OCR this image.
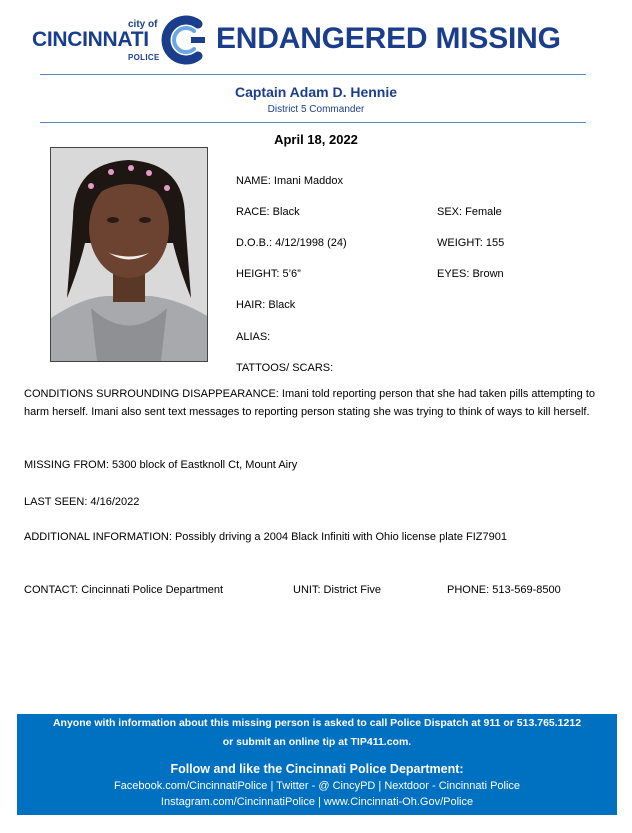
city of
CINCINNATI
POLICE
ENDANGERED MISSING
Captain Adam D. Hennie
District 5 Commander
April 18, 2022
NAME: Imani Maddox
RACE: Black	SEX: Female
D.O.B.: 4/12/1998 (24)	WEIGHT: 155
HEIGHT: 5’6”	EYES: Brown
HAIR: Black
ALIAS:
TATTOOS/ SCARS:
CONDITIONS SURROUNDING DISAPPEARANCE: Imani told reporting person that she had taken pills attempting to harm herself. Imani also sent text messages to reporting person stating she was trying to think of ways to kill herself.
MISSING FROM: 5300 block of Eastknoll Ct, Mount Airy
LAST SEEN: 4/16/2022
ADDITIONAL INFORMATION: Possibly driving a 2004 Black Infiniti with Ohio license plate FIZ7901
CONTACT: Cincinnati Police Department	UNIT: District Five	PHONE: 513-569-8500
Anyone with information about this missing person is asked to call Police Dispatch at 911 or 513.765.1212
or submit an online tip at TIP411.com.
Follow and like the Cincinnati Police Department:
Facebook.com/CincinnatiPolice | Twitter - @ CincyPD | Nextdoor - Cincinnati Police
Instagram.com/CincinnatiPolice | www.Cincinnati-Oh.Gov/Police
